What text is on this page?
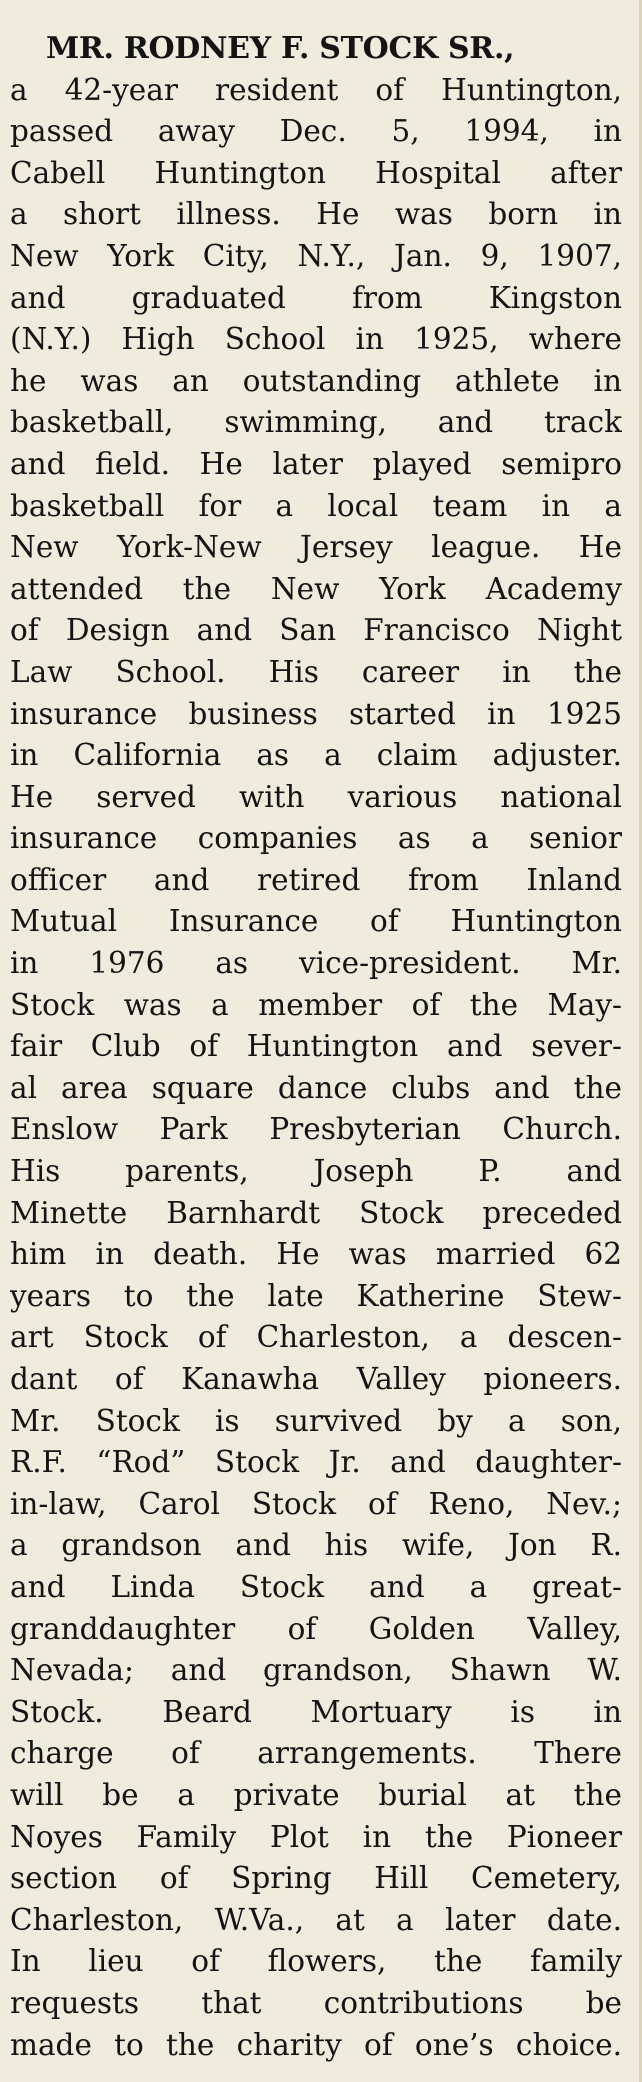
MR. RODNEY F. STOCK SR.,
a 42-year resident of Huntington,
passed away Dec. 5, 1994, in
Cabell Huntington Hospital after
a short illness. He was born in
New York City, N.Y., Jan. 9, 1907,
and graduated from Kingston
(N.Y.) High School in 1925, where
he was an outstanding athlete in
basketball, swimming, and track
and field. He later played semipro
basketball for a local team in a
New York-New Jersey league. He
attended the New York Academy
of Design and San Francisco Night
Law School. His career in the
insurance business started in 1925
in California as a claim adjuster.
He served with various national
insurance companies as a senior
officer and retired from Inland
Mutual Insurance of Huntington
in 1976 as vice-president. Mr.
Stock was a member of the May-
fair Club of Huntington and sever-
al area square dance clubs and the
Enslow Park Presbyterian Church.
His parents, Joseph P. and
Minette Barnhardt Stock preceded
him in death. He was married 62
years to the late Katherine Stew-
art Stock of Charleston, a descen-
dant of Kanawha Valley pioneers.
Mr. Stock is survived by a son,
R.F. “Rod” Stock Jr. and daughter-
in-law, Carol Stock of Reno, Nev.;
a grandson and his wife, Jon R.
and Linda Stock and a great-
granddaughter of Golden Valley,
Nevada; and grandson, Shawn W.
Stock. Beard Mortuary is in
charge of arrangements. There
will be a private burial at the
Noyes Family Plot in the Pioneer
section of Spring Hill Cemetery,
Charleston, W.Va., at a later date.
In lieu of flowers, the family
requests that contributions be
made to the charity of one’s choice.
